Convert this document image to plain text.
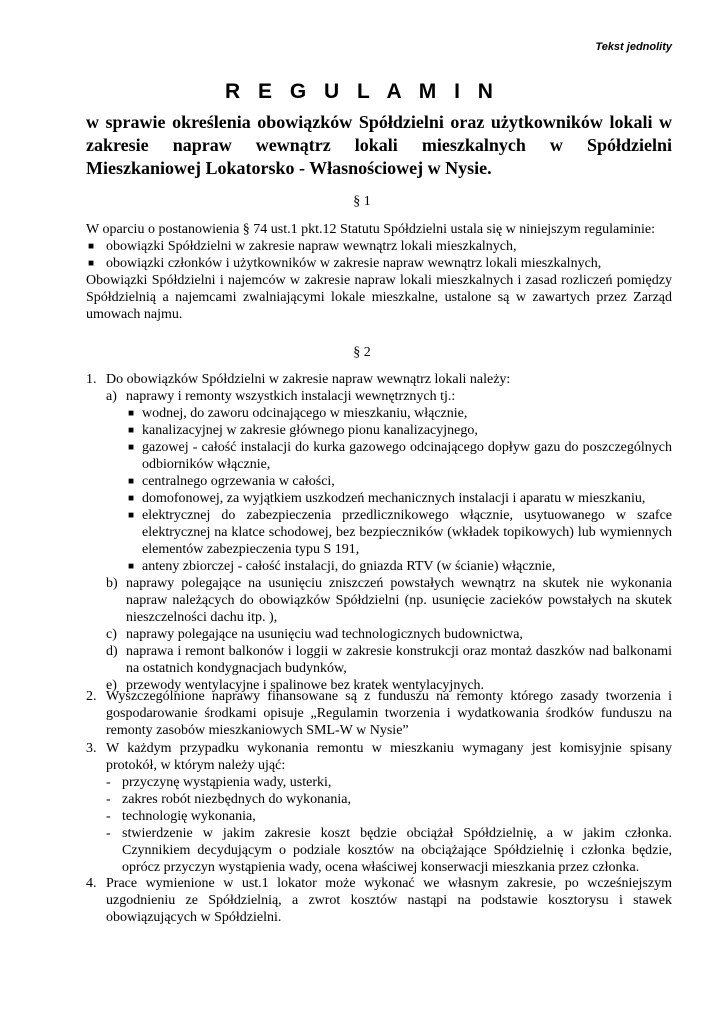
Tekst jednolity
R E G U L A M I N
w sprawie określenia obowiązków Spółdzielni oraz użytkowników lokali w zakresie napraw wewnątrz lokali mieszkalnych w Spółdzielni Mieszkaniowej Lokatorsko - Własnościowej w Nysie.
§ 1
W oparciu o postanowienia § 74 ust.1 pkt.12 Statutu Spółdzielni ustala się w niniejszym regulaminie:
■ obowiązki Spółdzielni w zakresie napraw wewnątrz lokali mieszkalnych,
■ obowiązki członków i użytkowników w zakresie napraw wewnątrz lokali mieszkalnych,
Obowiązki Spółdzielni i najemców w zakresie napraw lokali mieszkalnych i zasad rozliczeń pomiędzy Spółdzielnią a najemcami zwalniającymi lokale mieszkalne, ustalone są w zawartych przez Zarząd umowach najmu.
§ 2
1. Do obowiązków Spółdzielni w zakresie napraw wewnątrz lokali należy:
a) naprawy i remonty wszystkich instalacji wewnętrznych tj.:
■ wodnej, do zaworu odcinającego w mieszkaniu, włącznie,
■ kanalizacyjnej w zakresie głównego pionu kanalizacyjnego,
■ gazowej - całość instalacji do kurka gazowego odcinającego dopływ gazu do poszczególnych odbiorników włącznie,
■ centralnego ogrzewania w całości,
■ domofonowej, za wyjątkiem uszkodzeń mechanicznych instalacji i aparatu w mieszkaniu,
■ elektrycznej do zabezpieczenia przedlicznikowego włącznie, usytuowanego w szafce elektrycznej na klatce schodowej, bez bezpieczników (wkładek topikowych) lub wymiennych elementów zabezpieczenia typu S 191,
■ anteny zbiorczej - całość instalacji, do gniazda RTV (w ścianie) włącznie,
b) naprawy polegające na usunięciu zniszczeń powstałych wewnątrz na skutek nie wykonania napraw należących do obowiązków Spółdzielni (np. usunięcie zacieków powstałych na skutek nieszczelności dachu itp. ),
c) naprawy polegające na usunięciu wad technologicznych budownictwa,
d) naprawa i remont balkonów i loggii w zakresie konstrukcji oraz montaż daszków nad balkonami na ostatnich kondygnacjach budynków,
e) przewody wentylacyjne i spalinowe bez kratek wentylacyjnych.
2. Wyszczególnione naprawy finansowane są z funduszu na remonty którego zasady tworzenia i gospodarowanie środkami opisuje „Regulamin tworzenia i wydatkowania środków funduszu na remonty zasobów mieszkaniowych SML-W w Nysie”
3. W każdym przypadku wykonania remontu w mieszkaniu wymagany jest komisyjnie spisany protokół, w którym należy ująć:
- przyczynę wystąpienia wady, usterki,
- zakres robót niezbędnych do wykonania,
- technologię wykonania,
- stwierdzenie w jakim zakresie koszt będzie obciążał Spółdzielnię, a w jakim członka. Czynnikiem decydującym o podziale kosztów na obciążające Spółdzielnię i członka będzie, oprócz przyczyn wystąpienia wady, ocena właściwej konserwacji mieszkania przez członka.
4. Prace wymienione w ust.1 lokator może wykonać we własnym zakresie, po wcześniejszym uzgodnieniu ze Spółdzielnią, a zwrot kosztów nastąpi na podstawie kosztorysu i stawek obowiązujących w Spółdzielni.
